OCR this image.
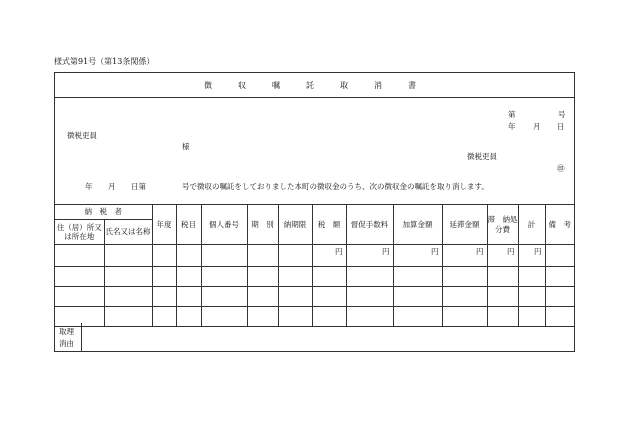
様式第91号（第13条関係）
徴　収　嘱　託　取　消　書
第	号
年 月 日
徴税吏員
様
徴税吏員
㊞
年 月 日第	号で徴収の嘱託をしておりました本町の徴収金のうち、次の徴収金の嘱託を取り消します。
納　税　者		年度	税目	個人番号	期　別	納期限	税　額	督促手数料	加算金額	延滞金額	滞　納処分費	計	備　考
住（居）所又は所在地	氏名又は名称												
							円	円	円	円	円	円	

取理消由
